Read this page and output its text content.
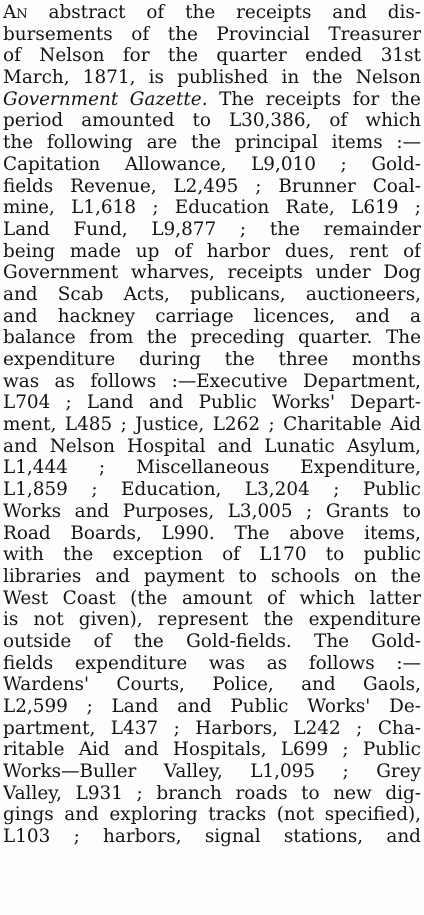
An abstract of the receipts and dis-
bursements of the Provincial Treasurer
of Nelson for the quarter ended 31st
March, 1871, is published in the Nelson
Government Gazette. The receipts for the
period amounted to L30,386, of which
the following are the principal items :—
Capitation Allowance, L9,010 ; Gold-
fields Revenue, L2,495 ; Brunner Coal-
mine, L1,618 ; Education Rate, L619 ;
Land Fund, L9,877 ; the remainder
being made up of harbor dues, rent of
Government wharves, receipts under Dog
and Scab Acts, publicans, auctioneers,
and hackney carriage licences, and a
balance from the preceding quarter. The
expenditure during the three months
was as follows :—Executive Department,
L704 ; Land and Public Works' Depart-
ment, L485 ; Justice, L262 ; Charitable Aid
and Nelson Hospital and Lunatic Asylum,
L1,444 ; Miscellaneous Expenditure,
L1,859 ; Education, L3,204 ; Public
Works and Purposes, L3,005 ; Grants to
Road Boards, L990. The above items,
with the exception of L170 to public
libraries and payment to schools on the
West Coast (the amount of which latter
is not given), represent the expenditure
outside of the Gold-fields. The Gold-
fields expenditure was as follows :—
Wardens' Courts, Police, and Gaols,
L2,599 ; Land and Public Works' De-
partment, L437 ; Harbors, L242 ; Cha-
ritable Aid and Hospitals, L699 ; Public
Works—Buller Valley, L1,095 ; Grey
Valley, L931 ; branch roads to new dig-
gings and exploring tracks (not specified),
L103 ; harbors, signal stations, and
